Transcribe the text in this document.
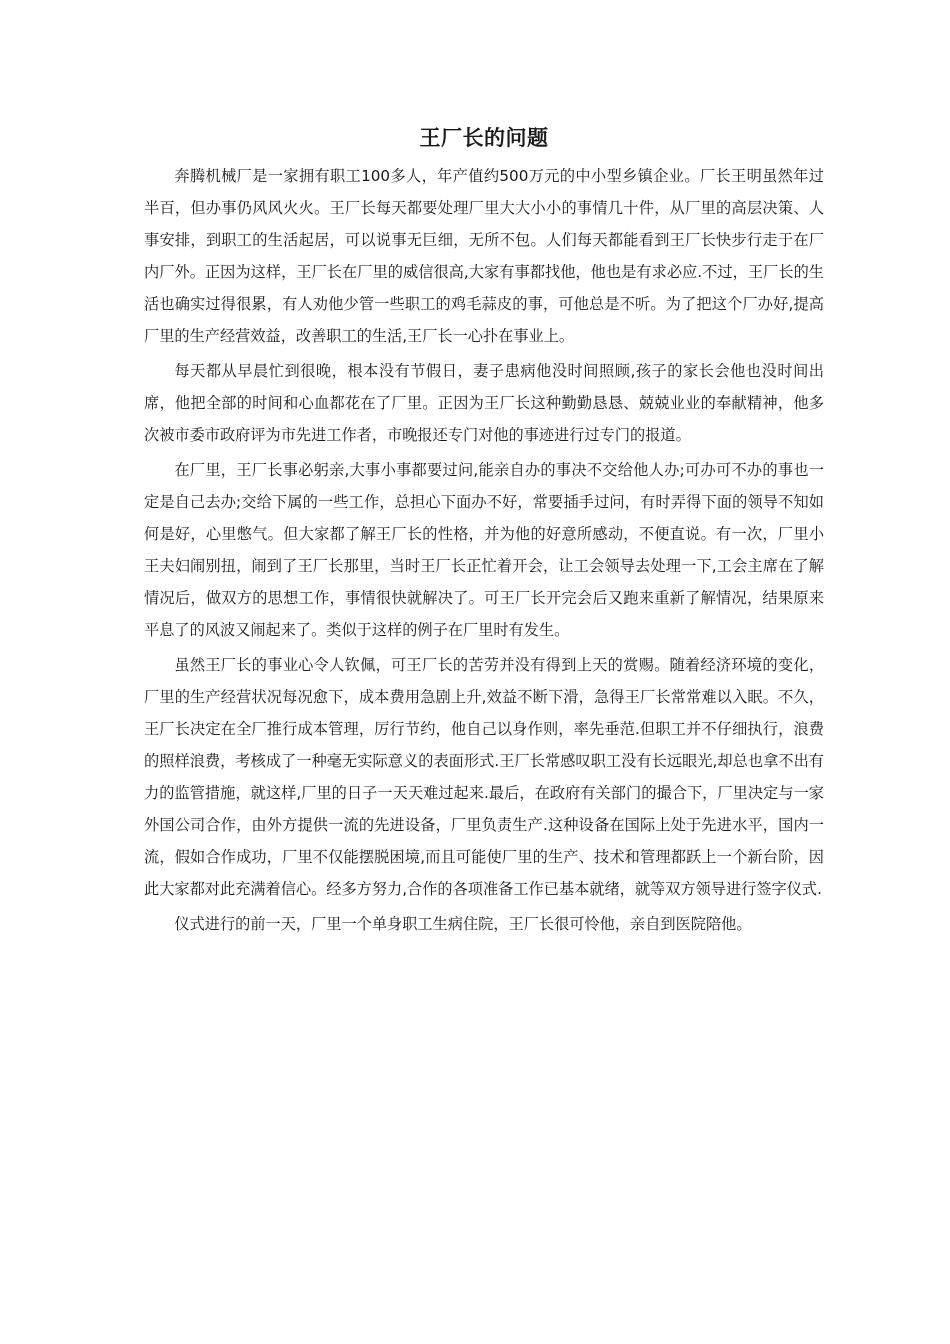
王厂长的问题

奔腾机械厂是一家拥有职工100多人，年产值约500万元的中小型乡镇企业。厂长王明虽然年过半百，但办事仍风风火火。王厂长每天都要处理厂里大大小小的事情几十件，从厂里的高层决策、人事安排，到职工的生活起居，可以说事无巨细，无所不包。人们每天都能看到王厂长快步行走于在厂内厂外。正因为这样，王厂长在厂里的威信很高,大家有事都找他，他也是有求必应.不过，王厂长的生活也确实过得很累，有人劝他少管一些职工的鸡毛蒜皮的事，可他总是不听。为了把这个厂办好,提高厂里的生产经营效益，改善职工的生活,王厂长一心扑在事业上。

每天都从早晨忙到很晚，根本没有节假日，妻子患病他没时间照顾,孩子的家长会他也没时间出席，他把全部的时间和心血都花在了厂里。正因为王厂长这种勤勤恳恳、兢兢业业的奉献精神，他多次被市委市政府评为市先进工作者，市晚报还专门对他的事迹进行过专门的报道。

在厂里，王厂长事必躬亲,大事小事都要过问,能亲自办的事决不交给他人办;可办可不办的事也一定是自己去办;交给下属的一些工作，总担心下面办不好，常要插手过问，有时弄得下面的领导不知如何是好，心里憋气。但大家都了解王厂长的性格，并为他的好意所感动，不便直说。有一次，厂里小王夫妇闹别扭，闹到了王厂长那里，当时王厂长正忙着开会，让工会领导去处理一下,工会主席在了解情况后，做双方的思想工作，事情很快就解决了。可王厂长开完会后又跑来重新了解情况，结果原来平息了的风波又闹起来了。类似于这样的例子在厂里时有发生。

虽然王厂长的事业心令人钦佩，可王厂长的苦劳并没有得到上天的赏赐。随着经济环境的变化，厂里的生产经营状况每况愈下，成本费用急剧上升,效益不断下滑，急得王厂长常常难以入眠。不久，王厂长决定在全厂推行成本管理，厉行节约，他自己以身作则，率先垂范.但职工并不仔细执行，浪费的照样浪费，考核成了一种毫无实际意义的表面形式.王厂长常感叹职工没有长远眼光,却总也拿不出有力的监管措施，就这样,厂里的日子一天天难过起来.最后，在政府有关部门的撮合下，厂里决定与一家外国公司合作，由外方提供一流的先进设备，厂里负责生产.这种设备在国际上处于先进水平，国内一流，假如合作成功，厂里不仅能摆脱困境,而且可能使厂里的生产、技术和管理都跃上一个新台阶，因此大家都对此充满着信心。经多方努力,合作的各项准备工作已基本就绪，就等双方领导进行签字仪式.

仪式进行的前一天，厂里一个单身职工生病住院，王厂长很可怜他，亲自到医院陪他。
